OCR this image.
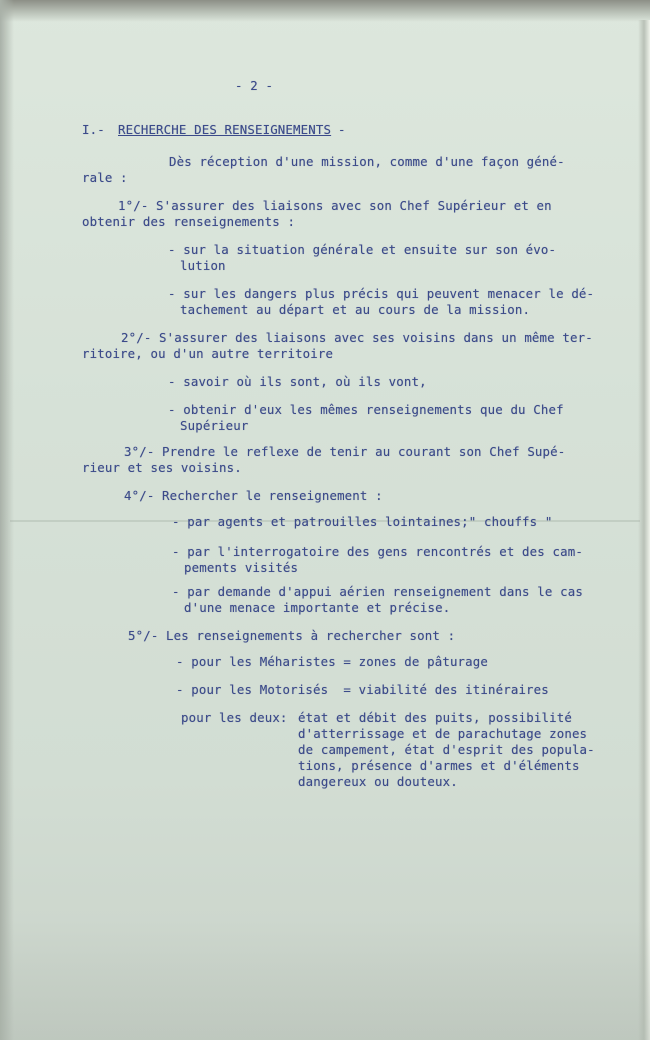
- 2 -

I.- RECHERCHE DES RENSEIGNEMENTS -

Dès réception d'une mission, comme d'une façon géné-

rale :

1°/- S'assurer des liaisons avec son Chef Supérieur et en

obtenir des renseignements :

- sur la situation générale et ensuite sur son évo-

lution

- sur les dangers plus précis qui peuvent menacer le dé-

tachement au départ et au cours de la mission.

2°/- S'assurer des liaisons avec ses voisins dans un même ter-

ritoire, ou d'un autre territoire

- savoir où ils sont, où ils vont,

- obtenir d'eux les mêmes renseignements que du Chef

Supérieur

3°/- Prendre le reflexe de tenir au courant son Chef Supé-

rieur et ses voisins.

4°/- Rechercher le renseignement :

- par agents et patrouilles lointaines;" chouffs "

- par l'interrogatoire des gens rencontrés et des cam-

pements visités

- par demande d'appui aérien renseignement dans le cas

d'une menace importante et précise.

5°/- Les renseignements à rechercher sont :

- pour les Méharistes = zones de pâturage

- pour les Motorisés  = viabilité des itinéraires

pour les deux: état et débit des puits, possibilité

d'atterrissage et de parachutage zones

de campement, état d'esprit des popula-

tions, présence d'armes et d'éléments

dangereux ou douteux.
